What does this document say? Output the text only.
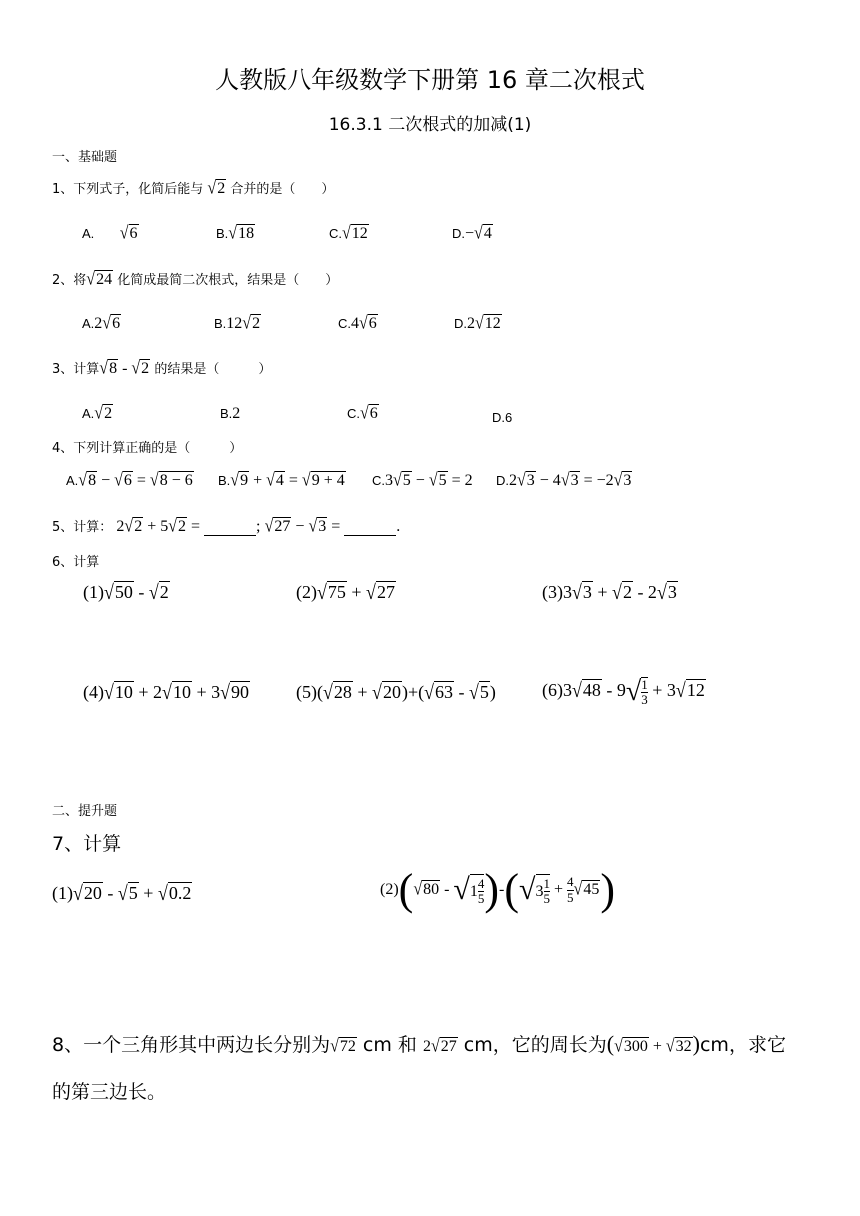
人教版八年级数学下册第 16 章二次根式
16.3.1 二次根式的加减(1)
一、基础题
1、下列式子，化简后能与 √2 合并的是（　　）
A. √6	B.√18	C.√12	D.−√4
2、将√24 化简成最简二次根式，结果是（　　）
A.2√6	B.12√2	C.4√6	D.2√12
3、计算√8 - √2 的结果是（　　　）
A.√2	B.2	C.√6	D.6
4、下列计算正确的是（　　　）
A.√8 − √6 = √8 − 6 B.√9 + √4 = √9 + 4 C.3√5 − √5 = 2 D.2√3 − 4√3 = −2√3
5、计算： 2√2 + 5√2 =	; √27 − √3 =	.
6、计算
(1)√50 - √2	(2)√75 + √27	(3)3√3 + √2 - 2√3
(4)√10 + 2√10 + 3√90	(5)(√28 + √20)+(√63 - √5)	$(6)3√48 - 9√ \frac{1}{3} + 3√12$
二、提升题
7、计算
(1)√20 - √5 + √0.2	$(2)(√80 - √1 \frac{4}{5} )-(√3 \frac{1}{5} + \frac{4}{5} √45)$
8、一个三角形其中两边长分别为√72 cm 和 2√27 cm，它的周长为(√300 + √32)cm，求它
的第三边长。
